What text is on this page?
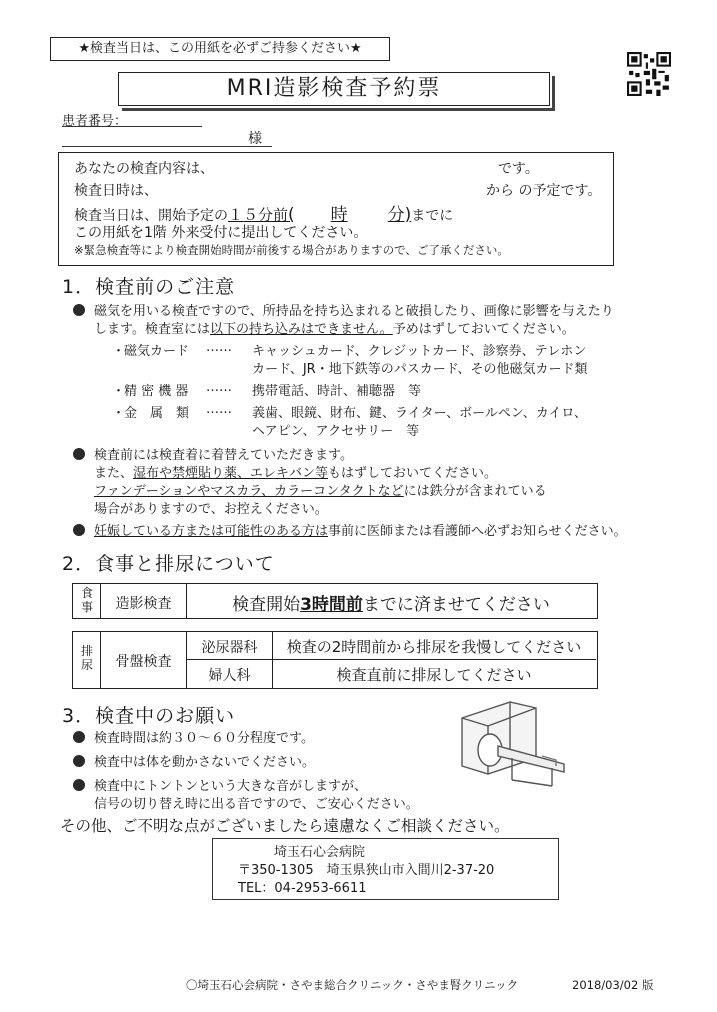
★検査当日は、この用紙を必ずご持参ください★
MRI造影検査予約票
患者番号：
様
あなたの検査内容は、	です。
検査日時は、	から の予定です。
検査当日は、開始予定の１５分前( 時 分)までに
この用紙を1階 外来受付に提出してください。
※緊急検査等により検査開始時間が前後する場合がありますので、ご了承ください。
1．検査前のご注意
磁気を用いる検査ですので、所持品を持ち込まれると破損したり、画像に影響を与えたり
します。検査室には以下の持ち込みはできません。予めはずしておいてください。
・
磁気カード …… キャッシュカード、クレジットカード、診察券、テレホン
カード、JR・地下鉄等のパスカード、その他磁気カード類
・
精 密 機 器 …… 携帯電話、時計、補聴器　等
・
金　属　類 …… 義歯、眼鏡、財布、鍵、ライター、ボールペン、カイロ、
ヘアピン、アクセサリー　等
検査前には検査着に着替えていただきます。
また、湿布や禁煙貼り薬、エレキバン等もはずしておいてください。
ファンデーションやマスカラ、カラーコンタクトなどには鉄分が含まれている
場合がありますので、お控えください。
妊娠している方または可能性のある方は事前に医師または看護師へ必ずお知らせください。
2．食事と排尿について
食
事	造影検査	検査開始3時間前までに済ませてください
排
尿	骨盤検査
泌尿器科	検査の2時間前から排尿を我慢してください
婦人科	検査直前に排尿してください
3．検査中のお願い
検査時間は約３０～６０分程度です。
検査中は体を動かさないでください。
検査中にトントンという大きな音がしますが、
信号の切り替え時に出る音ですので、ご安心ください。
その他、ご不明な点がございましたら遠慮なくご相談ください。
埼玉石心会病院
〒350-1305　埼玉県狭山市入間川2-37-20
TEL：04-2953-6611
〇埼玉石心会病院・さやま総合クリニック・さやま腎クリニック	2018/03/02 版
